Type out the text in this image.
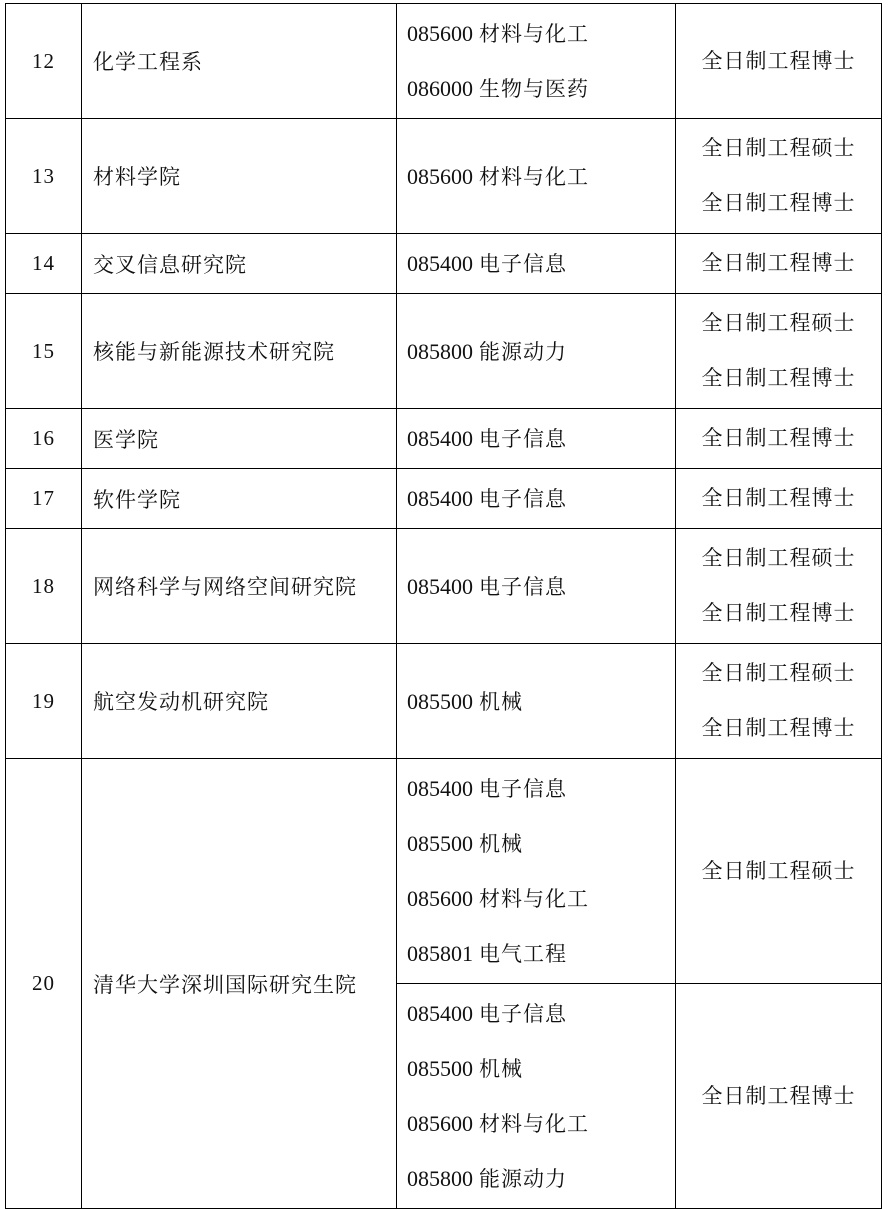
12	化学工程系	085600 材料与化工
086000 生物与医药	全日制工程博士

13	材料学院	085600 材料与化工	全日制工程硕士
全日制工程博士

14	交叉信息研究院	085400 电子信息	全日制工程博士

15	核能与新能源技术研究院	085800 能源动力	全日制工程硕士
全日制工程博士

16	医学院	085400 电子信息	全日制工程博士

17	软件学院	085400 电子信息	全日制工程博士

18	网络科学与网络空间研究院	085400 电子信息	全日制工程硕士
全日制工程博士

19	航空发动机研究院	085500 机械	全日制工程硕士
全日制工程博士

20	清华大学深圳国际研究生院	085400 电子信息
085500 机械
085600 材料与化工
085801 电气工程	全日制工程硕士

		085400 电子信息
085500 机械
085600 材料与化工
085800 能源动力	全日制工程博士
